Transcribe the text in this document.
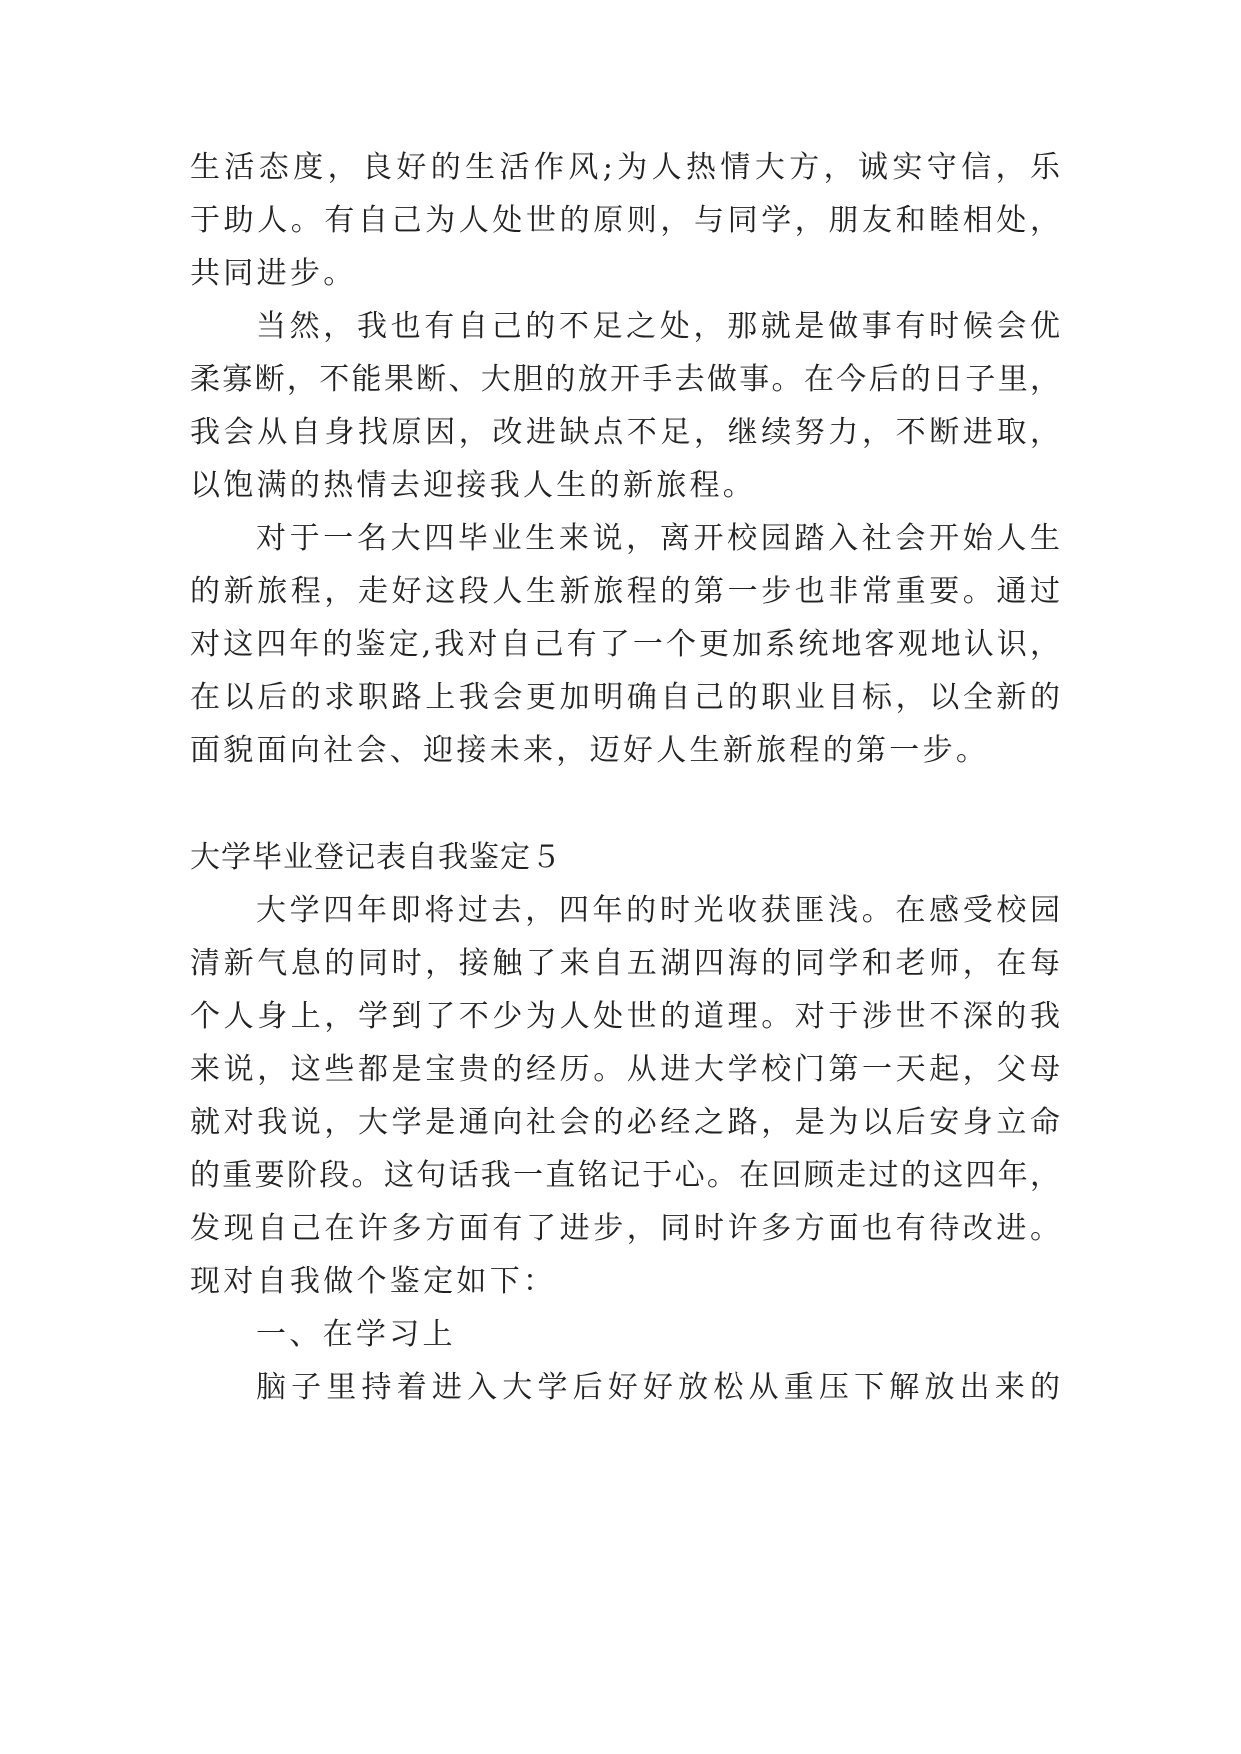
生活态度，良好的生活作风;为人热情大方，诚实守信，乐
于助人。有自己为人处世的原则，与同学，朋友和睦相处，
共同进步。
当然，我也有自己的不足之处，那就是做事有时候会优
柔寡断，不能果断、大胆的放开手去做事。在今后的日子里，
我会从自身找原因，改进缺点不足，继续努力，不断进取，
以饱满的热情去迎接我人生的新旅程。
对于一名大四毕业生来说，离开校园踏入社会开始人生
的新旅程，走好这段人生新旅程的第一步也非常重要。通过
对这四年的鉴定,我对自己有了一个更加系统地客观地认识，
在以后的求职路上我会更加明确自己的职业目标，以全新的
面貌面向社会、迎接未来，迈好人生新旅程的第一步。
大学毕业登记表自我鉴定５
大学四年即将过去，四年的时光收获匪浅。在感受校园
清新气息的同时，接触了来自五湖四海的同学和老师，在每
个人身上，学到了不少为人处世的道理。对于涉世不深的我
来说，这些都是宝贵的经历。从进大学校门第一天起，父母
就对我说，大学是通向社会的必经之路，是为以后安身立命
的重要阶段。这句话我一直铭记于心。在回顾走过的这四年，
发现自己在许多方面有了进步，同时许多方面也有待改进。
现对自我做个鉴定如下：
一、在学习上
脑子里持着进入大学后好好放松从重压下解放出来的
